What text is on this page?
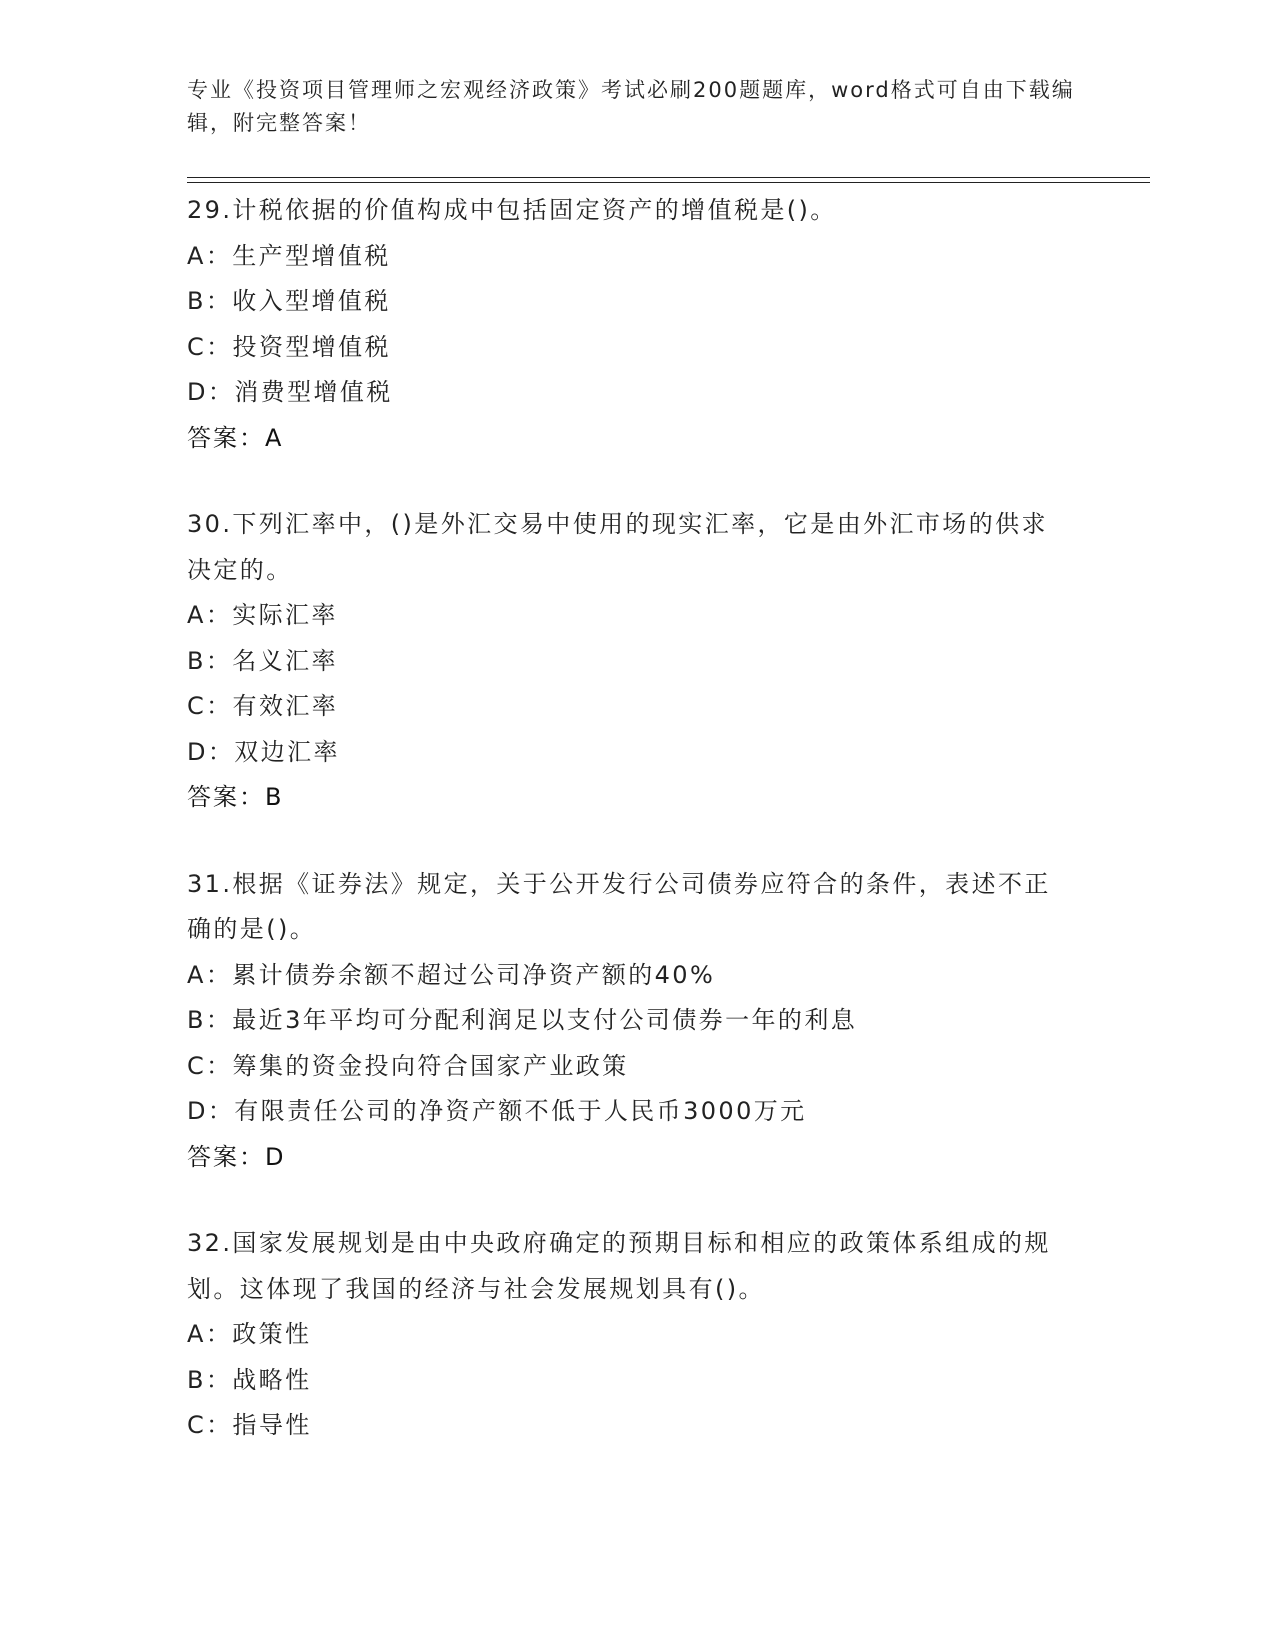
专业《投资项目管理师之宏观经济政策》考试必刷200题题库，word格式可自由下载编辑，附完整答案！
29.计税依据的价值构成中包括固定资产的增值税是()。
A：生产型增值税
B：收入型增值税
C：投资型增值税
D：消费型增值税
答案：A
30.下列汇率中，()是外汇交易中使用的现实汇率，它是由外汇市场的供求决定的。
A：实际汇率
B：名义汇率
C：有效汇率
D：双边汇率
答案：B
31.根据《证券法》规定，关于公开发行公司债券应符合的条件，表述不正确的是()。
A：累计债券余额不超过公司净资产额的40%
B：最近3年平均可分配利润足以支付公司债券一年的利息
C：筹集的资金投向符合国家产业政策
D：有限责任公司的净资产额不低于人民币3000万元
答案：D
32.国家发展规划是由中央政府确定的预期目标和相应的政策体系组成的规划。这体现了我国的经济与社会发展规划具有()。
A：政策性
B：战略性
C：指导性
